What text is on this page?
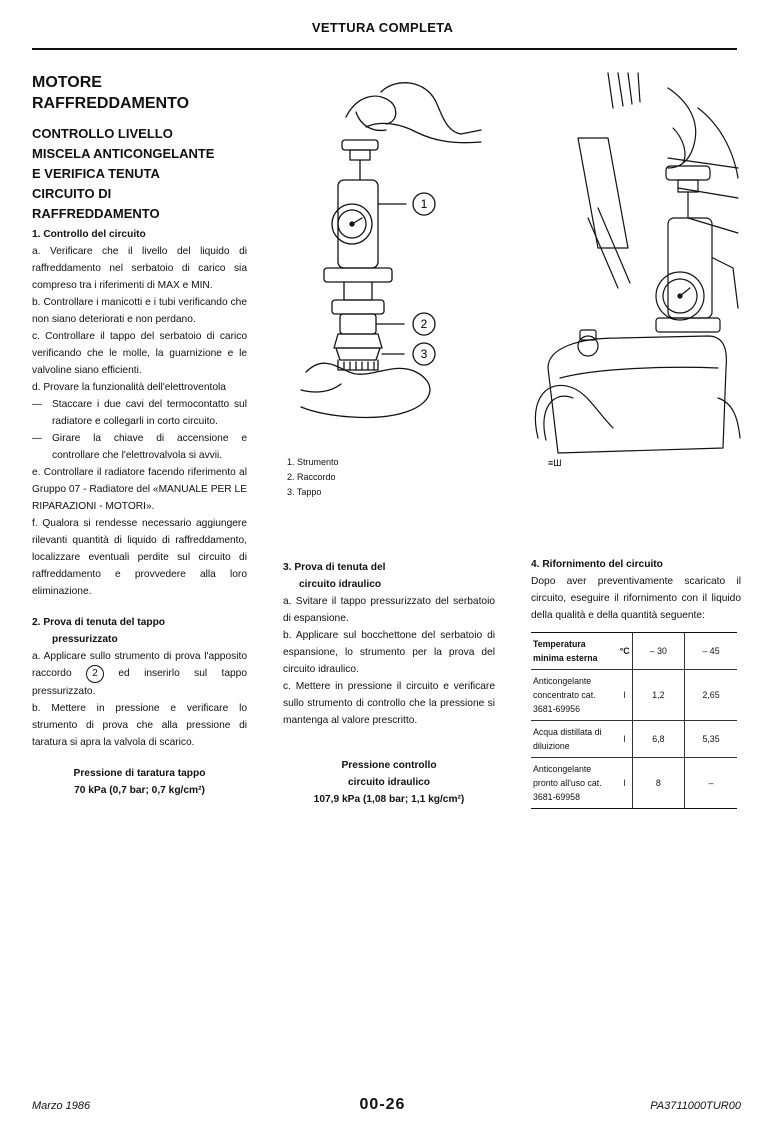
VETTURA COMPLETA
MOTORE
RAFFREDDAMENTO
CONTROLLO LIVELLO
MISCELA ANTICONGELANTE
E VERIFICA TENUTA
CIRCUITO DI
RAFFREDDAMENTO
1. Controllo del circuito
a. Verificare che il livello del liquido di raffreddamento nel serbatoio di carico sia compreso tra i riferimenti di MAX e MIN.
b. Controllare i manicotti e i tubi verificando che non siano deteriorati e non perdano.
c. Controllare il tappo del serbatoio di carico verificando che le molle, la guarnizione e le valvoline siano efficienti.
d. Provare la funzionalità dell'elettroventola
— Staccare i due cavi del termocontatto sul radiatore e collegarli in corto circuito.
— Girare la chiave di accensione e controllare che l'elettrovalvola si avvii.
e. Controllare il radiatore facendo riferimento al Gruppo 07 - Radiatore del «MANUALE PER LE RIPARAZIONI - MOTORI».
f. Qualora si rendesse necessario aggiungere rilevanti quantità di liquido di raffreddamento, localizzare eventuali perdite sul circuito di raffreddamento e provvedere alla loro eliminazione.
2. Prova di tenuta del tappo
pressurizzato
a. Applicare sullo strumento di prova l'apposito raccordo 2 ed inserirlo sul tappo pressurizzato.
b. Mettere in pressione e verificare lo strumento di prova che alla pressione di taratura si apra la valvola di scarico.
Pressione di taratura tappo
70 kPa (0,7 bar; 0,7 kg/cm²)
1
2
3
≡Ш
1. Strumento
2. Raccordo
3. Tappo
3. Prova di tenuta del
circuito idraulico
a. Svitare il tappo pressurizzato del serbatoio di espansione.
b. Applicare sul bocchettone del serbatoio di espansione, lo strumento per la prova del circuito idraulico.
c. Mettere in pressione il circuito e verificare sullo strumento di controllo che la pressione si mantenga al valore prescritto.
Pressione controllo
circuito idraulico
107,9 kPa (1,08 bar; 1,1 kg/cm²)
4. Rifornimento del circuito
Dopo aver preventivamente scaricato il circuito, eseguire il rifornimento con il liquido della qualità e della quantità seguente:
Temperatura minima esterna	°C	– 30	– 45
Anticongelante concentrato cat. 3681-69956	l	1,2	2,65
Acqua distillata di diluizione	l	6,8	5,35
Anticongelante pronto all'uso cat. 3681-69958	l	8	–
Marzo 1986	00-26	PA3711000TUR00
